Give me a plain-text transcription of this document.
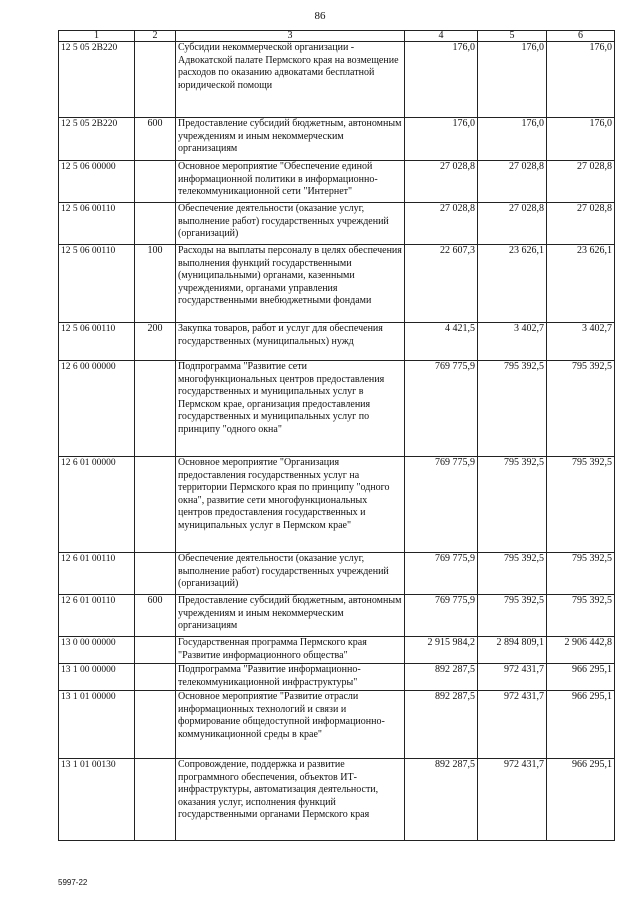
86
1	2	3	4	5	6
12 5 05 2В220		Субсидии некоммерческой организации - Адвокатской палате Пермского края на возмещение расходов по оказанию адвокатами бесплатной юридической помощи	176,0	176,0	176,0
12 5 05 2В220	600	Предоставление субсидий бюджетным, автономным учреждениям и иным некоммерческим организациям	176,0	176,0	176,0
12 5 06 00000		Основное мероприятие "Обеспечение единой информационной политики в информационно-телекоммуникационной сети "Интернет"	27 028,8	27 028,8	27 028,8
12 5 06 00110		Обеспечение деятельности (оказание услуг, выполнение работ) государственных учреждений (организаций)	27 028,8	27 028,8	27 028,8
12 5 06 00110	100	Расходы на выплаты персоналу в целях обеспечения выполнения функций государственными (муниципальными) органами, казенными учреждениями, органами управления государственными внебюджетными фондами	22 607,3	23 626,1	23 626,1
12 5 06 00110	200	Закупка товаров, работ и услуг для обеспечения государственных (муниципальных) нужд	4 421,5	3 402,7	3 402,7
12 6 00 00000		Подпрограмма "Развитие сети многофункциональных центров предоставления государственных и муниципальных услуг в Пермском крае, организация предоставления государственных и муниципальных услуг по принципу "одного окна"	769 775,9	795 392,5	795 392,5
12 6 01 00000		Основное мероприятие "Организация предоставления государственных услуг на территории Пермского края по принципу "одного окна", развитие сети многофункциональных центров предоставления государственных и муниципальных услуг в Пермском крае"	769 775,9	795 392,5	795 392,5
12 6 01 00110		Обеспечение деятельности (оказание услуг, выполнение работ) государственных учреждений (организаций)	769 775,9	795 392,5	795 392,5
12 6 01 00110	600	Предоставление субсидий бюджетным, автономным учреждениям и иным некоммерческим организациям	769 775,9	795 392,5	795 392,5
13 0 00 00000		Государственная программа Пермского края "Развитие информационного общества"	2 915 984,2	2 894 809,1	2 906 442,8
13 1 00 00000		Подпрограмма "Развитие информационно-телекоммуникационной инфраструктуры"	892 287,5	972 431,7	966 295,1
13 1 01 00000		Основное мероприятие "Развитие отрасли информационных технологий и связи и формирование общедоступной информационно-коммуникационной среды в крае"	892 287,5	972 431,7	966 295,1
13 1 01 00130		Сопровождение, поддержка и развитие программного обеспечения, объектов ИТ-инфраструктуры, автоматизация деятельности, оказания услуг, исполнения функций государственными органами Пермского края	892 287,5	972 431,7	966 295,1
5997-22
